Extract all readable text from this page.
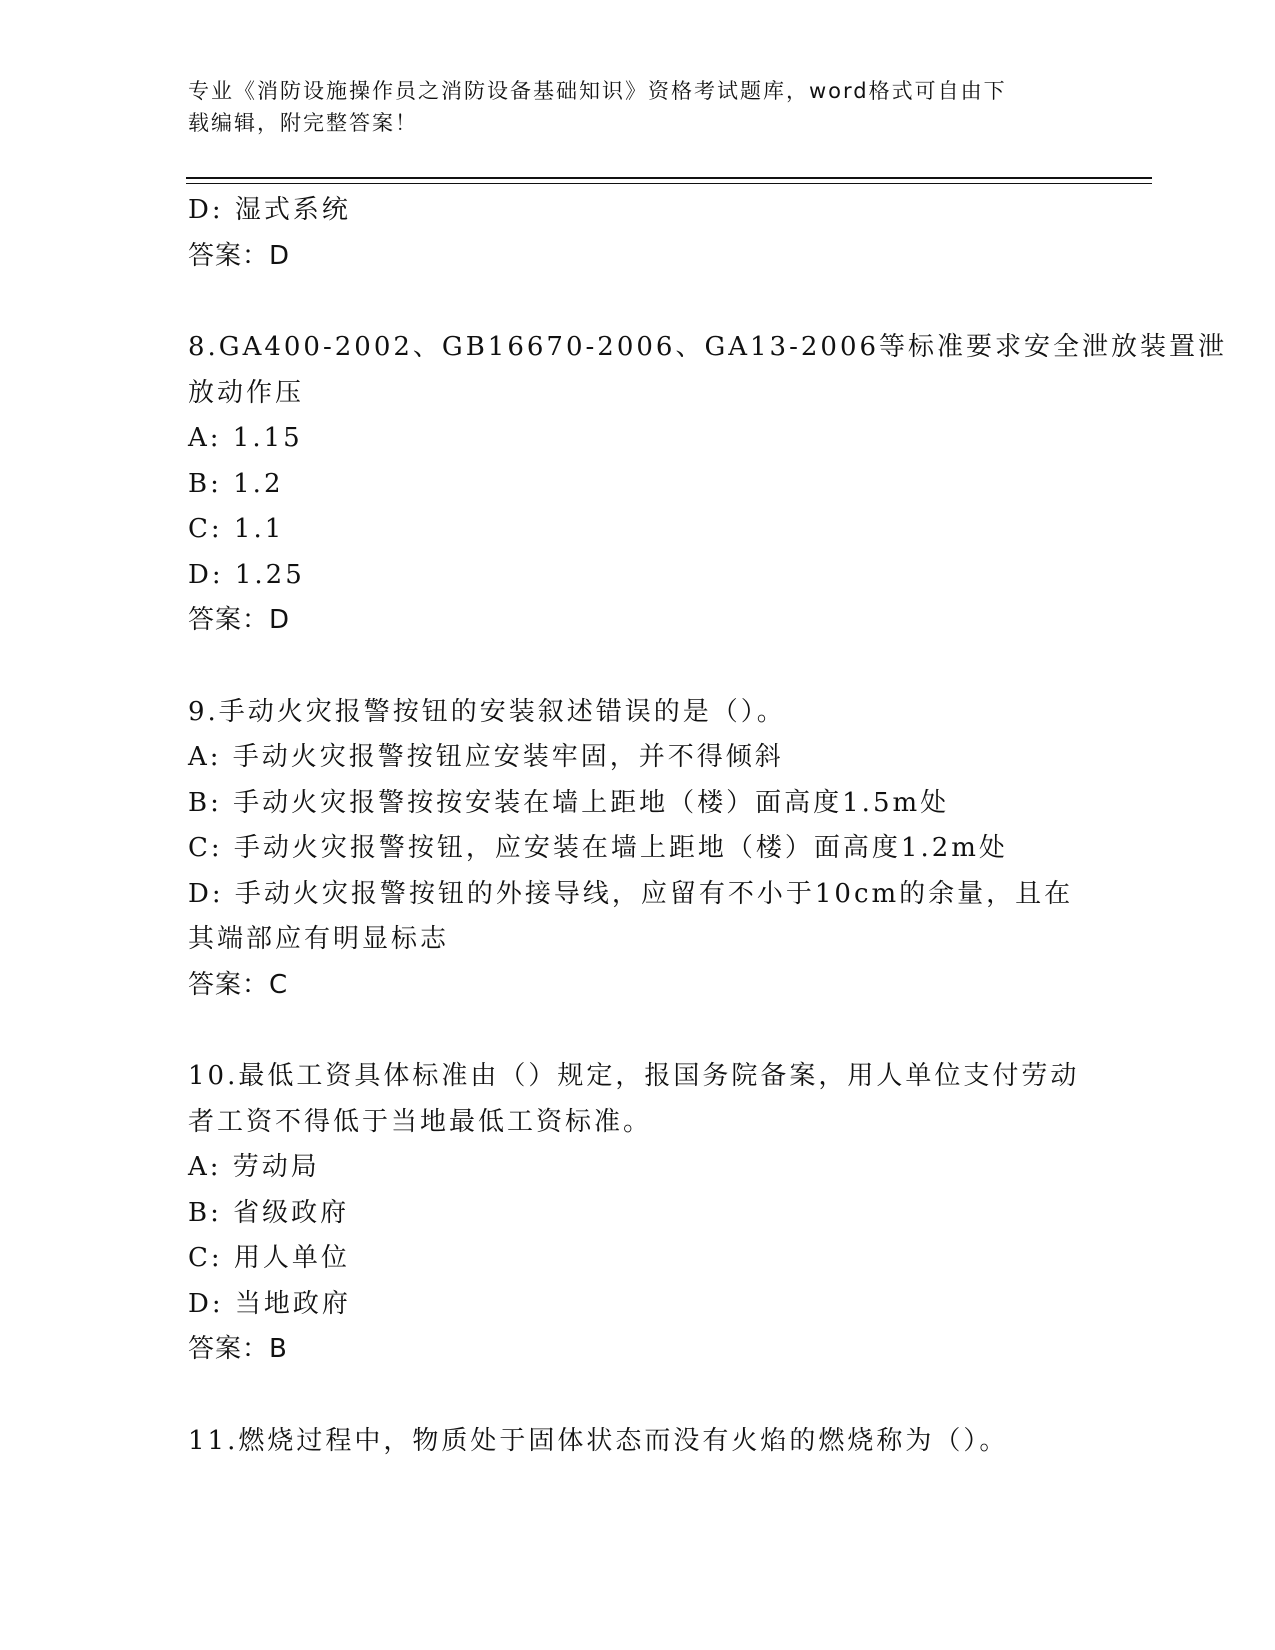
专业《消防设施操作员之消防设备基础知识》资格考试题库，word格式可自由下
载编辑，附完整答案！
D: 湿式系统
答案：D
8.GA400-2002、GB16670-2006、GA13-2006等标准要求安全泄放装置泄
放动作压
A: 1.15
B: 1.2
C: 1.1
D: 1.25
答案：D
9.手动火灾报警按钮的安装叙述错误的是（）。
A: 手动火灾报警按钮应安装牢固，并不得倾斜
B: 手动火灾报警按按安装在墙上距地（楼）面高度1.5m处
C: 手动火灾报警按钮，应安装在墙上距地（楼）面高度1.2m处
D: 手动火灾报警按钮的外接导线，应留有不小于10cm的余量，且在
其端部应有明显标志
答案：C
10.最低工资具体标准由（）规定，报国务院备案，用人单位支付劳动
者工资不得低于当地最低工资标准。
A: 劳动局
B: 省级政府
C: 用人单位
D: 当地政府
答案：B
11.燃烧过程中，物质处于固体状态而没有火焰的燃烧称为（）。
